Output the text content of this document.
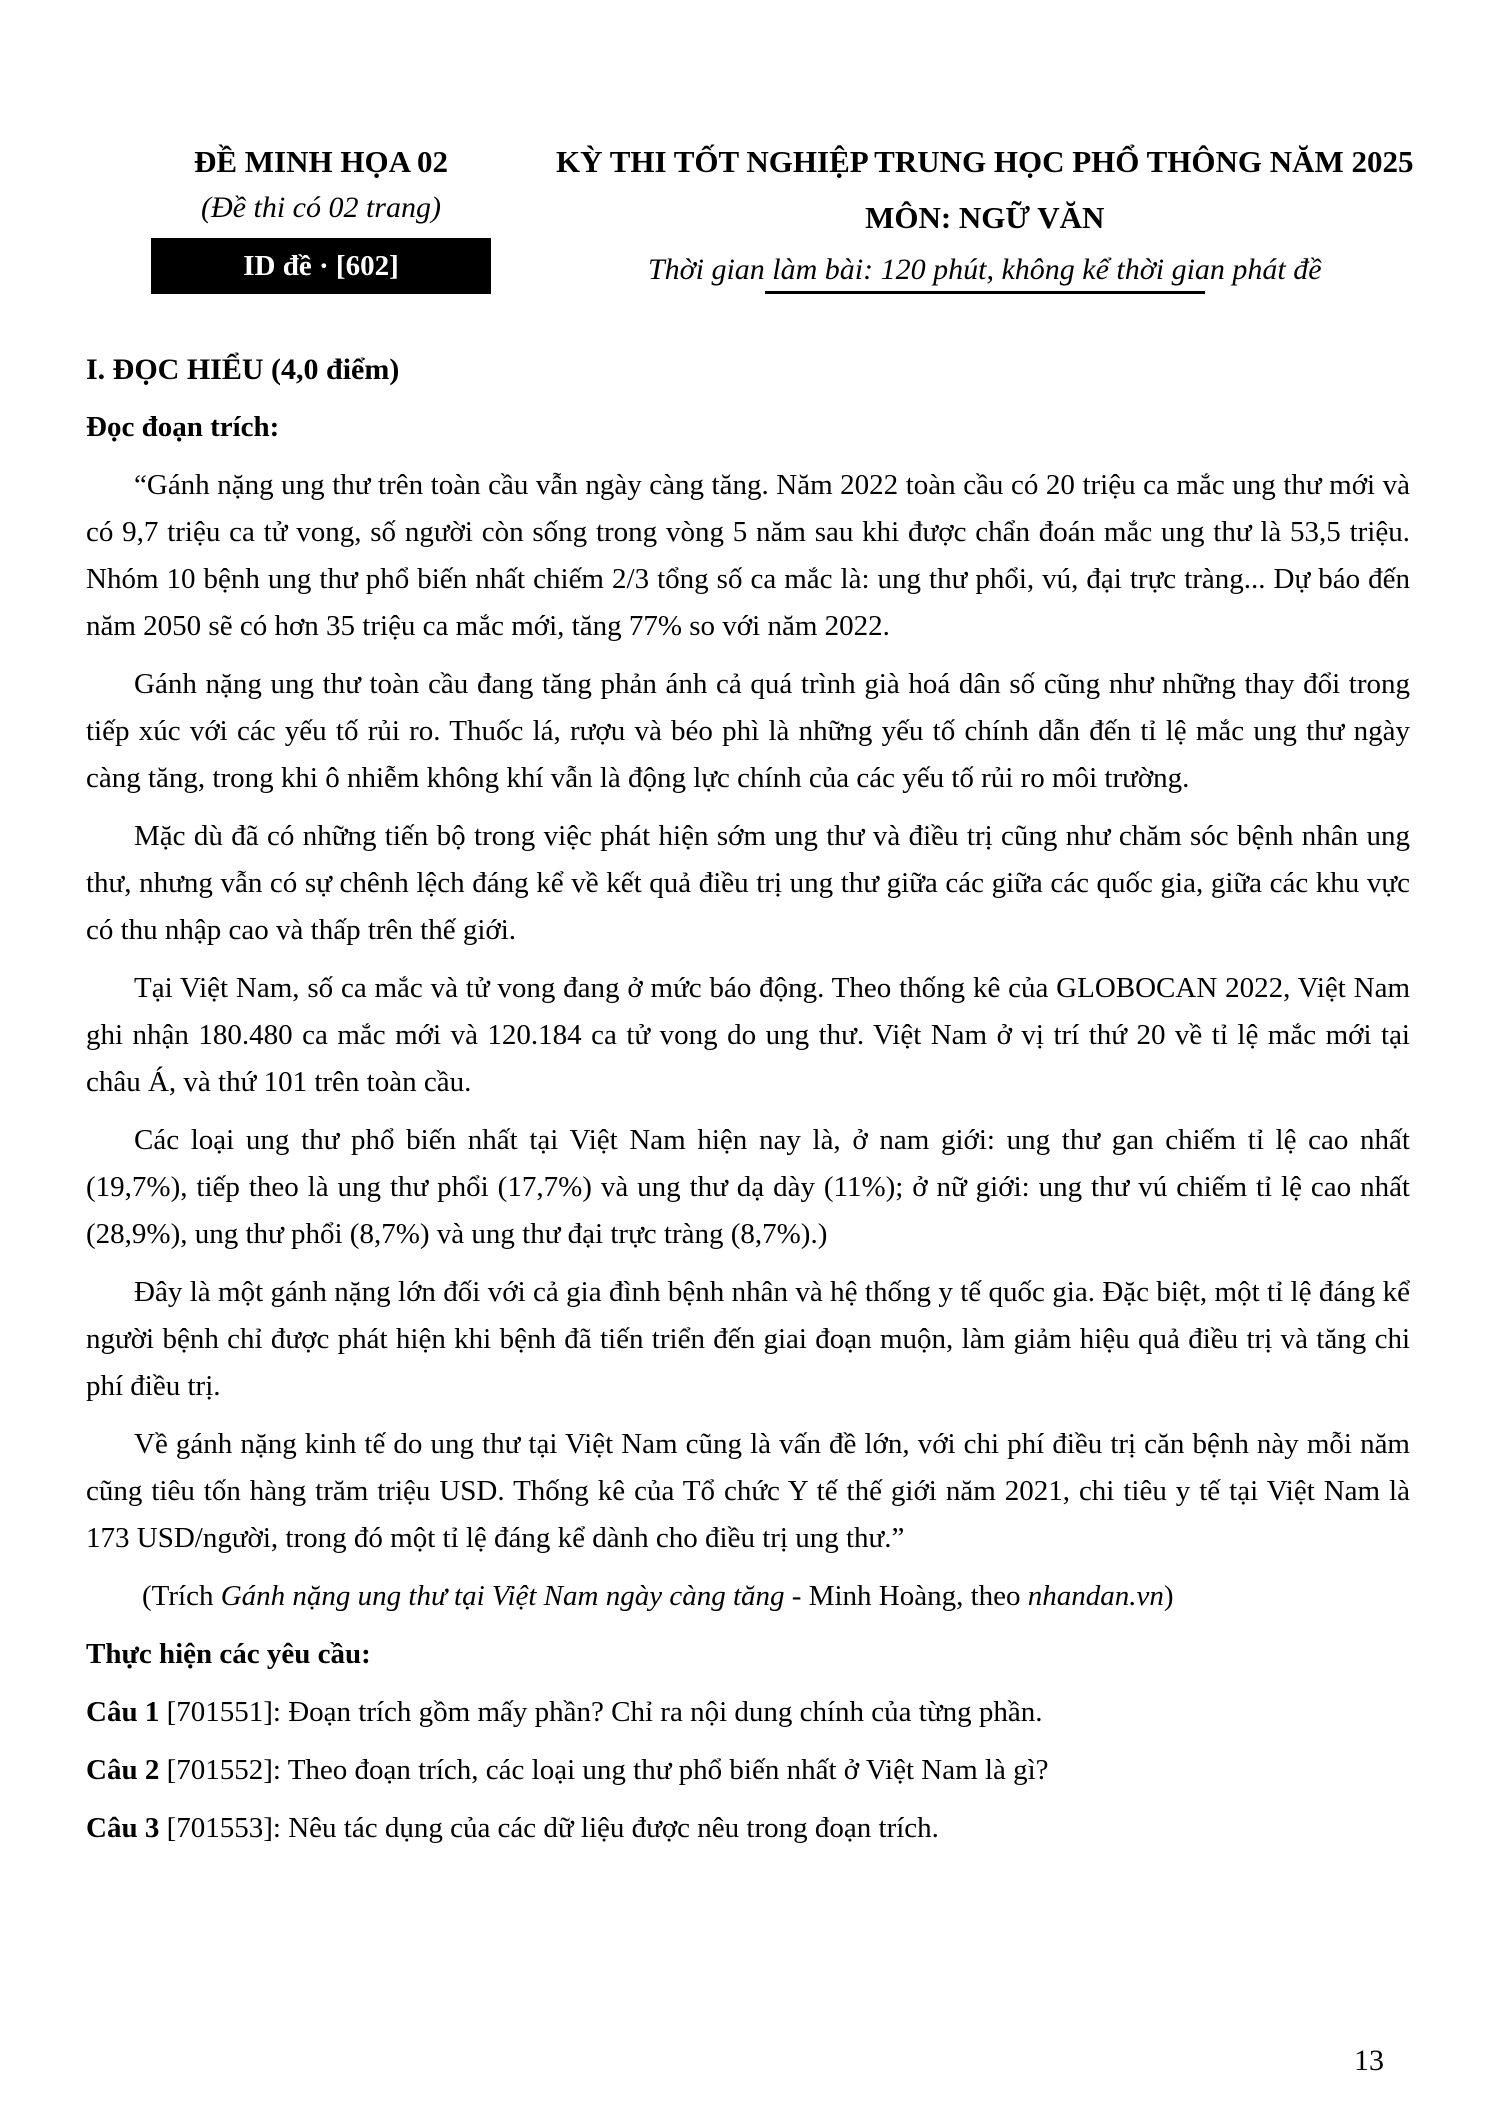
ĐỀ MINH HỌA 02
(Đề thi có 02 trang)
ID đề · [602]
KỲ THI TỐT NGHIỆP TRUNG HỌC PHỔ THÔNG NĂM 2025
MÔN: NGỮ VĂN
Thời gian làm bài: 120 phút, không kể thời gian phát đề
I. ĐỌC HIỂU (4,0 điểm)
Đọc đoạn trích:

“Gánh nặng ung thư trên toàn cầu vẫn ngày càng tăng. Năm 2022 toàn cầu có 20 triệu ca mắc ung thư mới và có 9,7 triệu ca tử vong, số người còn sống trong vòng 5 năm sau khi được chẩn đoán mắc ung thư là 53,5 triệu. Nhóm 10 bệnh ung thư phổ biến nhất chiếm 2/3 tổng số ca mắc là: ung thư phổi, vú, đại trực tràng... Dự báo đến năm 2050 sẽ có hơn 35 triệu ca mắc mới, tăng 77% so với năm 2022.

Gánh nặng ung thư toàn cầu đang tăng phản ánh cả quá trình già hoá dân số cũng như những thay đổi trong tiếp xúc với các yếu tố rủi ro. Thuốc lá, rượu và béo phì là những yếu tố chính dẫn đến tỉ lệ mắc ung thư ngày càng tăng, trong khi ô nhiễm không khí vẫn là động lực chính của các yếu tố rủi ro môi trường.

Mặc dù đã có những tiến bộ trong việc phát hiện sớm ung thư và điều trị cũng như chăm sóc bệnh nhân ung thư, nhưng vẫn có sự chênh lệch đáng kể về kết quả điều trị ung thư giữa các giữa các quốc gia, giữa các khu vực có thu nhập cao và thấp trên thế giới.

Tại Việt Nam, số ca mắc và tử vong đang ở mức báo động. Theo thống kê của GLOBOCAN 2022, Việt Nam ghi nhận 180.480 ca mắc mới và 120.184 ca tử vong do ung thư. Việt Nam ở vị trí thứ 20 về tỉ lệ mắc mới tại châu Á, và thứ 101 trên toàn cầu.

Các loại ung thư phổ biến nhất tại Việt Nam hiện nay là, ở nam giới: ung thư gan chiếm tỉ lệ cao nhất (19,7%), tiếp theo là ung thư phổi (17,7%) và ung thư dạ dày (11%); ở nữ giới: ung thư vú chiếm tỉ lệ cao nhất (28,9%), ung thư phổi (8,7%) và ung thư đại trực tràng (8,7%).)

Đây là một gánh nặng lớn đối với cả gia đình bệnh nhân và hệ thống y tế quốc gia. Đặc biệt, một tỉ lệ đáng kể người bệnh chỉ được phát hiện khi bệnh đã tiến triển đến giai đoạn muộn, làm giảm hiệu quả điều trị và tăng chi phí điều trị.

Về gánh nặng kinh tế do ung thư tại Việt Nam cũng là vấn đề lớn, với chi phí điều trị căn bệnh này mỗi năm cũng tiêu tốn hàng trăm triệu USD. Thống kê của Tổ chức Y tế thế giới năm 2021, chi tiêu y tế tại Việt Nam là 173 USD/người, trong đó một tỉ lệ đáng kể dành cho điều trị ung thư.”

(Trích Gánh nặng ung thư tại Việt Nam ngày càng tăng - Minh Hoàng, theo nhandan.vn)
Thực hiện các yêu cầu:
Câu 1 [701551]: Đoạn trích gồm mấy phần? Chỉ ra nội dung chính của từng phần.
Câu 2 [701552]: Theo đoạn trích, các loại ung thư phổ biến nhất ở Việt Nam là gì?
Câu 3 [701553]: Nêu tác dụng của các dữ liệu được nêu trong đoạn trích.
13
